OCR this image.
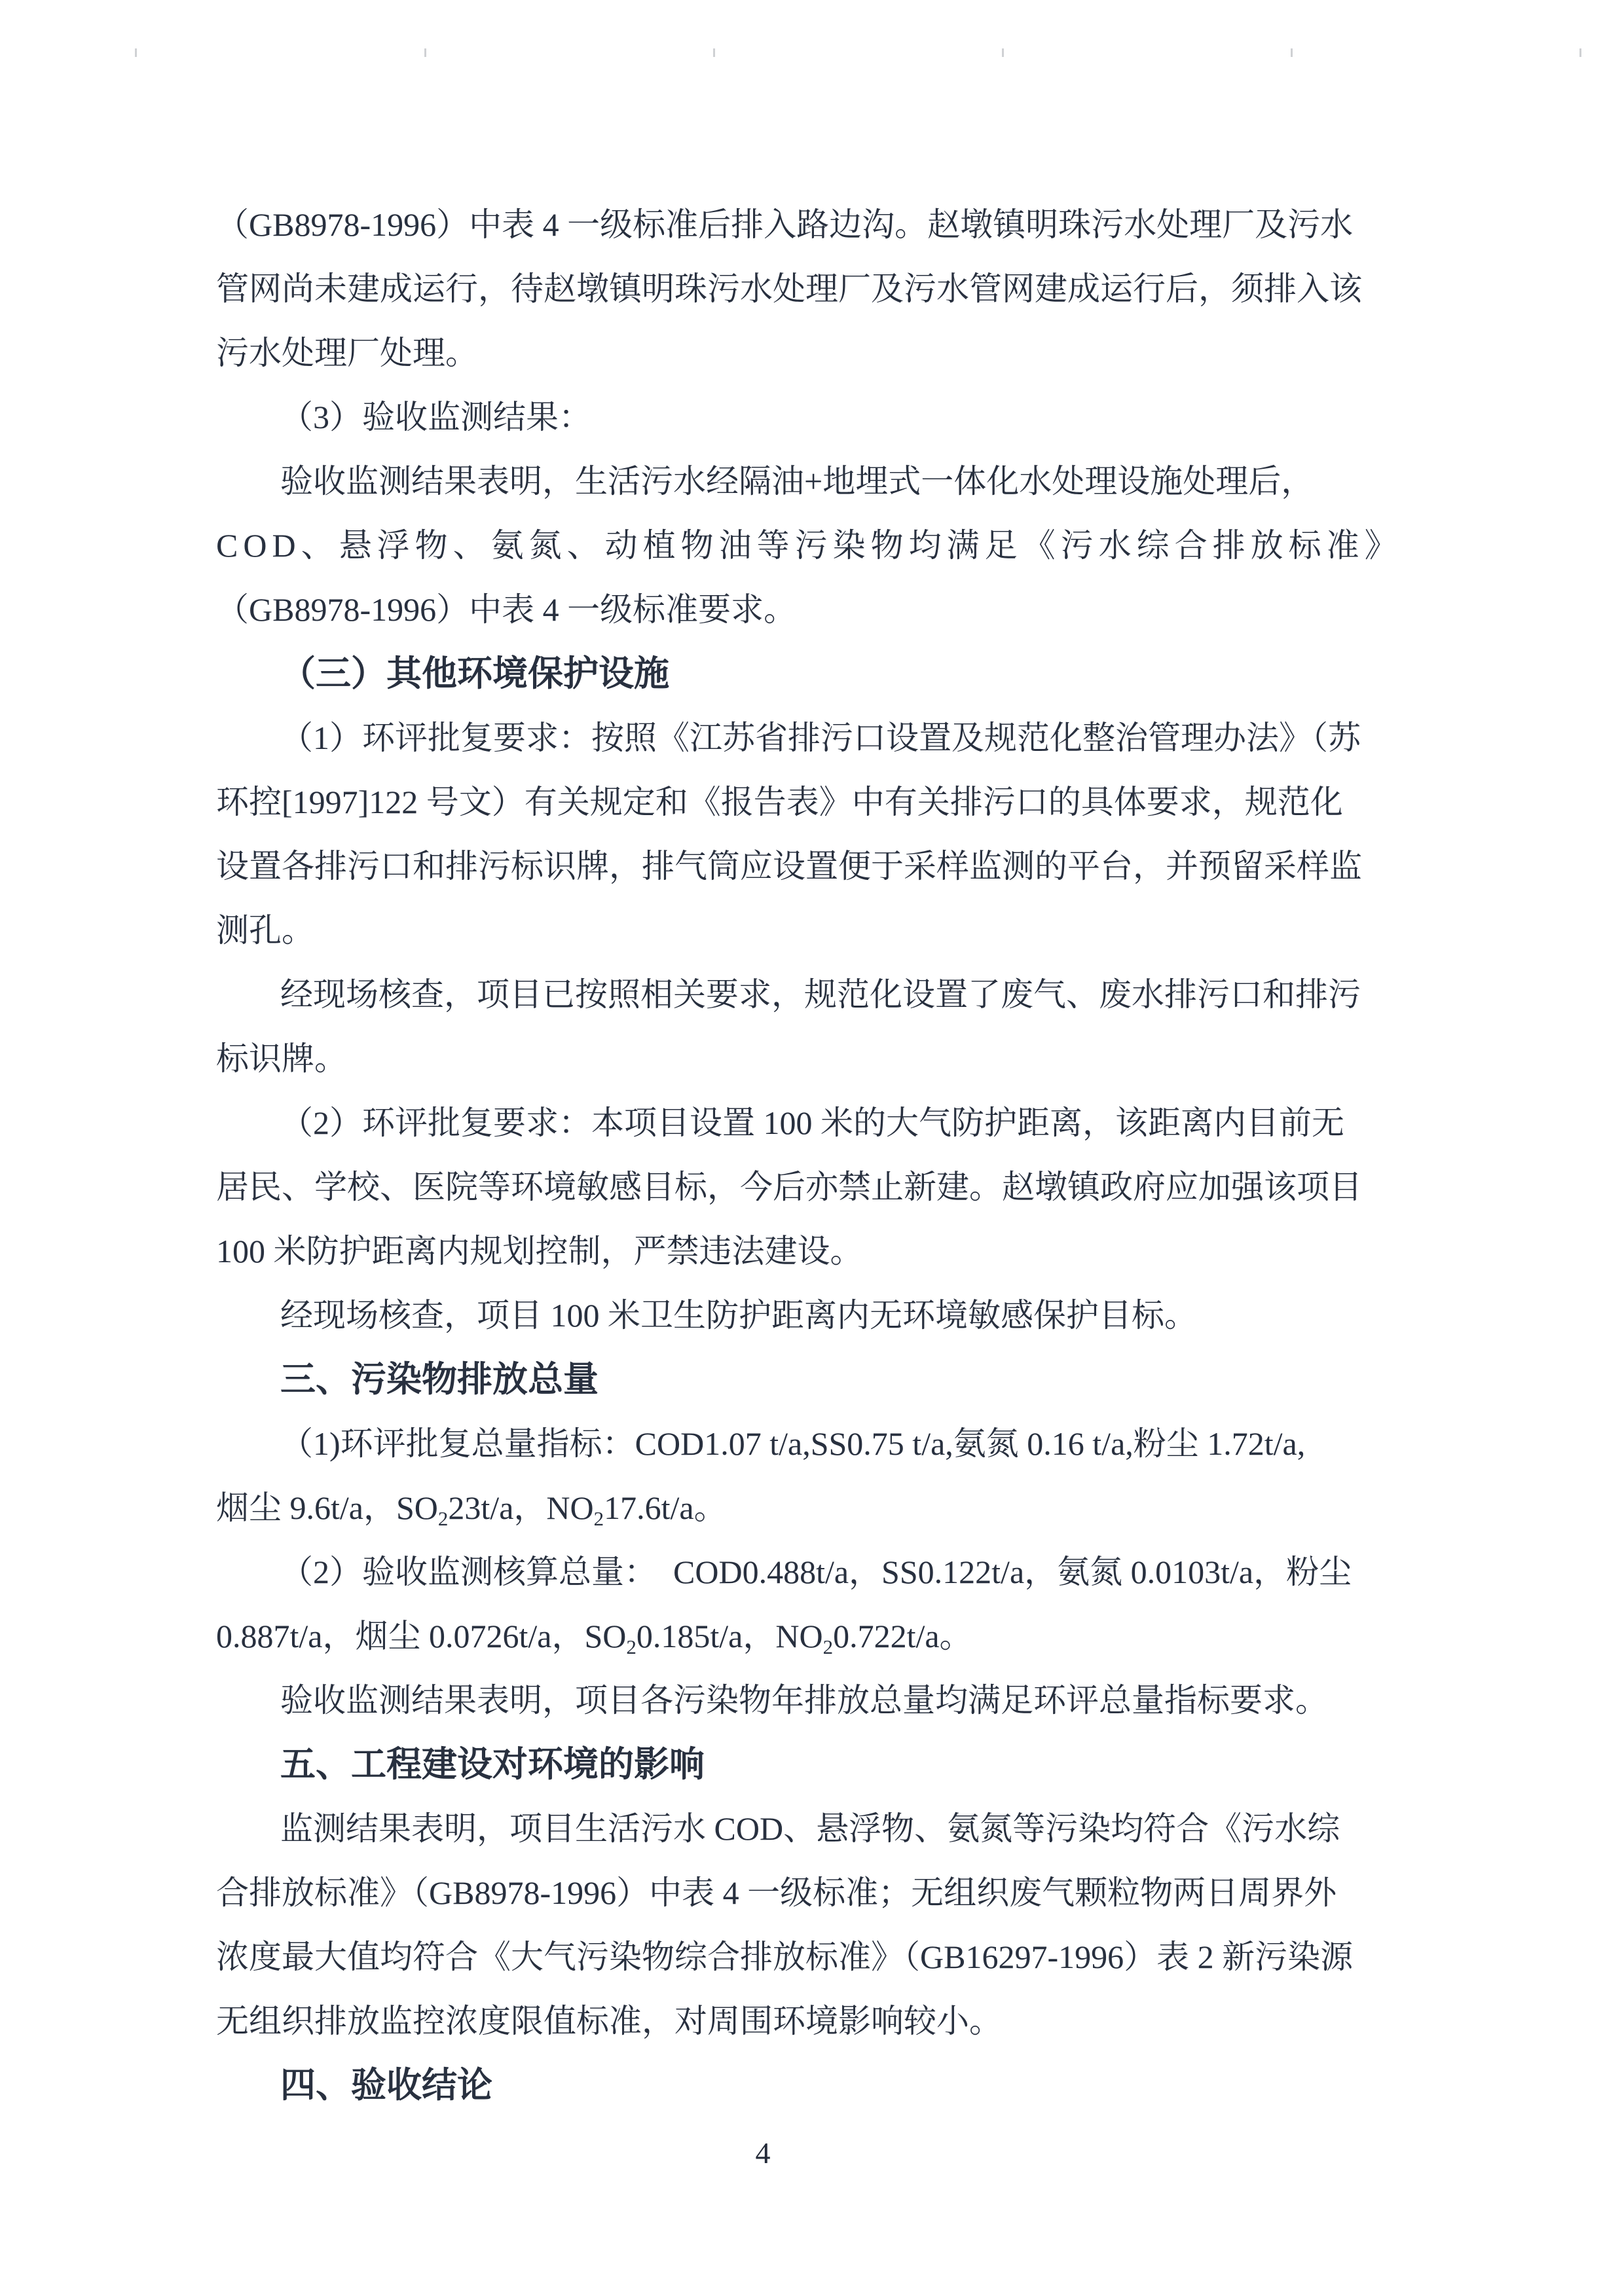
（GB8978-1996）中表 4 一级标准后排入路边沟。赵墩镇明珠污水处理厂及污水
管网尚未建成运行，待赵墩镇明珠污水处理厂及污水管网建成运行后，须排入该
污水处理厂处理。
（3）验收监测结果：
验收监测结果表明，生活污水经隔油+地埋式一体化水处理设施处理后，
COD、悬浮物、氨氮、动植物油等污染物均满足《污水综合排放标准》
（GB8978-1996）中表 4 一级标准要求。
（三）其他环境保护设施
（1）环评批复要求：按照《江苏省排污口设置及规范化整治管理办法》（苏
环控[1997]122 号文）有关规定和《报告表》中有关排污口的具体要求，规范化
设置各排污口和排污标识牌，排气筒应设置便于采样监测的平台，并预留采样监
测孔。
经现场核查，项目已按照相关要求，规范化设置了废气、废水排污口和排污
标识牌。
（2）环评批复要求：本项目设置 100 米的大气防护距离，该距离内目前无
居民、学校、医院等环境敏感目标，今后亦禁止新建。赵墩镇政府应加强该项目
100 米防护距离内规划控制，严禁违法建设。
经现场核查，项目 100 米卫生防护距离内无环境敏感保护目标。
三、污染物排放总量
（1)环评批复总量指标：COD1.07 t/a,SS0.75 t/a,氨氮 0.16 t/a,粉尘 1.72t/a,
烟尘 9.6t/a，$SO_223t/a$，$NO_217.6t/a$。
（2）验收监测核算总量：  COD0.488t/a，SS0.122t/a，氨氮 0.0103t/a，粉尘
0.887t/a，烟尘 0.0726t/a，$SO_20.185t/a$，$NO_20.722t/a$。
验收监测结果表明，项目各污染物年排放总量均满足环评总量指标要求。
五、工程建设对环境的影响
监测结果表明，项目生活污水 COD、悬浮物、氨氮等污染均符合《污水综
合排放标准》（GB8978-1996）中表 4 一级标准；无组织废气颗粒物两日周界外
浓度最大值均符合《大气污染物综合排放标准》（GB16297-1996）表 2 新污染源
无组织排放监控浓度限值标准，对周围环境影响较小。
四、验收结论
4
